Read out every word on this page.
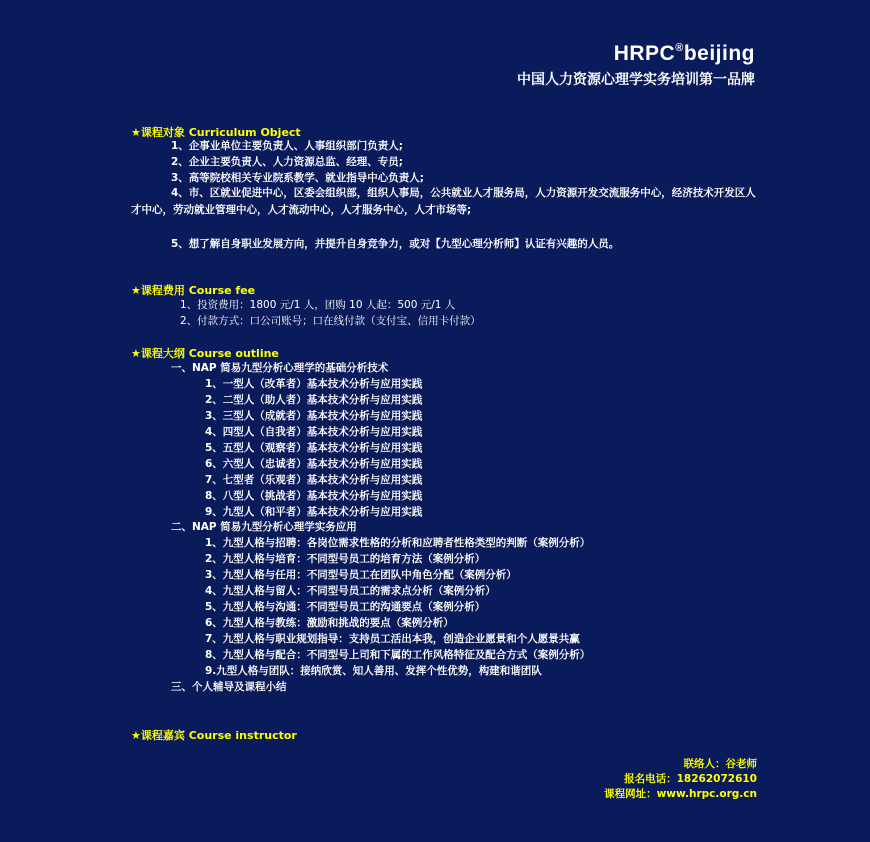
HRPC®beijing
中国人力资源心理学实务培训第一品牌
★课程对象 Curriculum Object
1、企事业单位主要负责人、人事组织部门负责人;
2、企业主要负责人、人力资源总监、经理、专员;
3、高等院校相关专业院系教学、就业指导中心负责人;
4、市、区就业促进中心，区委会组织部，组织人事局，公共就业人才服务局，人力资源开发交流服务中心，经济技术开发区人才中心，劳动就业管理中心，人才流动中心，人才服务中心，人才市场等;
5、想了解自身职业发展方向，并提升自身竞争力，或对【九型心理分析师】认证有兴趣的人员。
★课程费用 Course fee
1、投资费用：1800 元/1 人，团购 10 人起：500 元/1 人
2、付款方式：口公司账号；口在线付款（支付宝、信用卡付款）
★课程大纲 Course outline
一、NAP 简易九型分析心理学的基础分析技术
1、一型人（改革者）基本技术分析与应用实践
2、二型人（助人者）基本技术分析与应用实践
3、三型人（成就者）基本技术分析与应用实践
4、四型人（自我者）基本技术分析与应用实践
5、五型人（观察者）基本技术分析与应用实践
6、六型人（忠诚者）基本技术分析与应用实践
7、七型者（乐观者）基本技术分析与应用实践
8、八型人（挑战者）基本技术分析与应用实践
9、九型人（和平者）基本技术分析与应用实践
二、NAP 简易九型分析心理学实务应用
1、九型人格与招聘：各岗位需求性格的分析和应聘者性格类型的判断（案例分析）
2、九型人格与培育：不同型号员工的培育方法（案例分析）
3、九型人格与任用：不同型号员工在团队中角色分配（案例分析）
4、九型人格与留人：不同型号员工的需求点分析（案例分析）
5、九型人格与沟通：不同型号员工的沟通要点（案例分析）
6、九型人格与教练：激励和挑战的要点（案例分析）
7、九型人格与职业规划指导：支持员工活出本我，创造企业愿景和个人愿景共赢
8、九型人格与配合：不同型号上司和下属的工作风格特征及配合方式（案例分析）
9.九型人格与团队：接纳欣赏、知人善用、发挥个性优势，构建和谐团队
三、个人辅导及课程小结
★课程嘉宾 Course instructor
联络人：谷老师
报名电话：18262072610
课程网址：www.hrpc.org.cn
